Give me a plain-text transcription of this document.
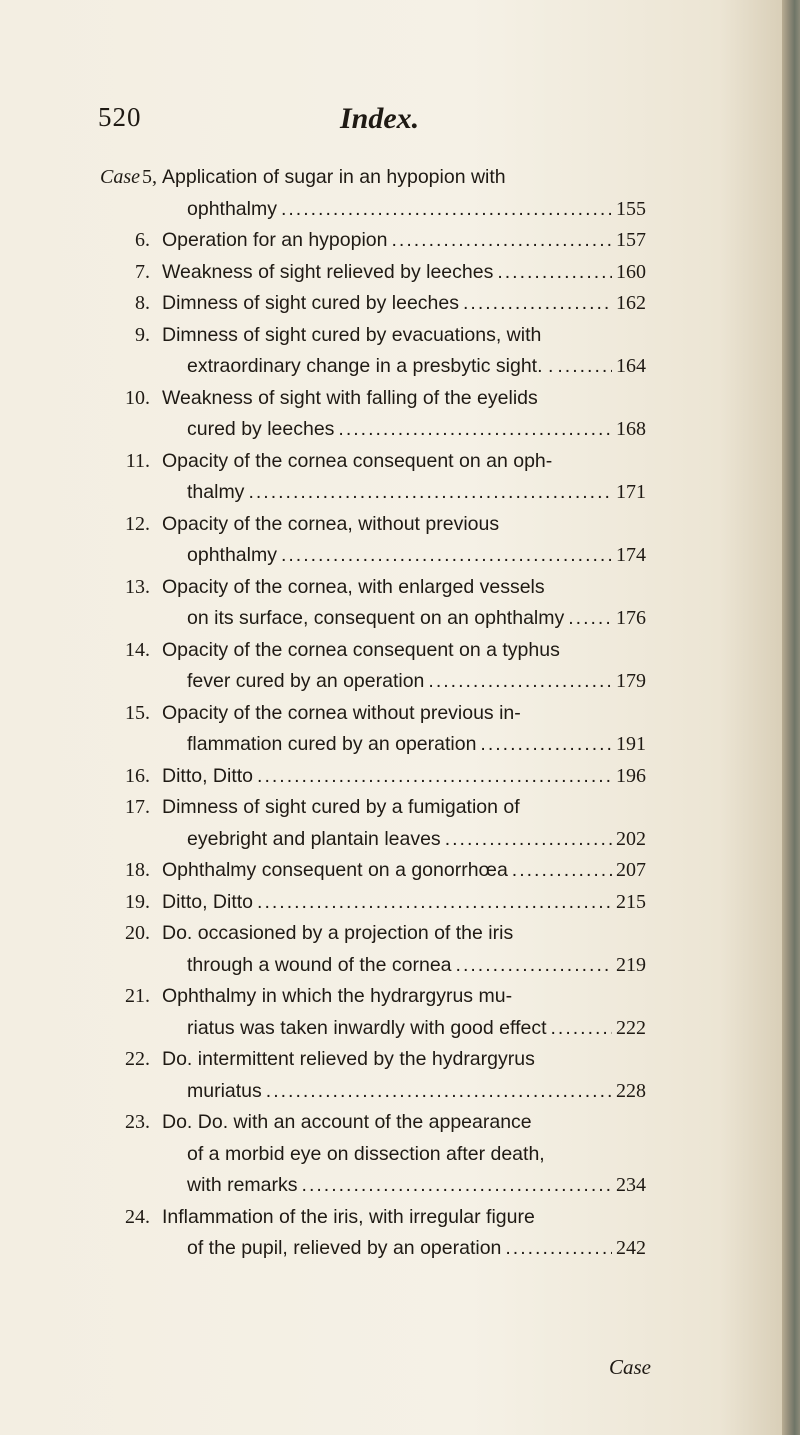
520	Index.
Case 5, Application of sugar in an hypopion with
ophthalmy .....	155
6. Operation for an hypopion .....	157
7. Weakness of sight relieved by leeches .....	160
8. Dimness of sight cured by leeches .....	162
9. Dimness of sight cured by evacuations, with
extraordinary change in a presbytic sight. . .....	164
10. Weakness of sight with falling of the eyelids
cured by leeches .....	168
11. Opacity of the cornea consequent on an oph-
thalmy .....	171
12. Opacity of the cornea, without previous
ophthalmy .....	174
13. Opacity of the cornea, with enlarged vessels
on its surface, consequent on an ophthalmy .....	176
14. Opacity of the cornea consequent on a typhus
fever cured by an operation .....	179
15. Opacity of the cornea without previous in-
flammation cured by an operation .....	191
16. Ditto, Ditto .....	196
17. Dimness of sight cured by a fumigation of
eyebright and plantain leaves .....	202
18. Ophthalmy consequent on a gonorrhœa .....	207
19. Ditto, Ditto .....	215
20. Do. occasioned by a projection of the iris
through a wound of the cornea .....	219
21. Ophthalmy in which the hydrargyrus mu-
riatus was taken inwardly with good effect .....	222
22. Do. intermittent relieved by the hydrargyrus
muriatus .....	228
23. Do. Do. with an account of the appearance
of a morbid eye on dissection after death,
with remarks .....	234
24. Inflammation of the iris, with irregular figure
of the pupil, relieved by an operation .....	242
Case
